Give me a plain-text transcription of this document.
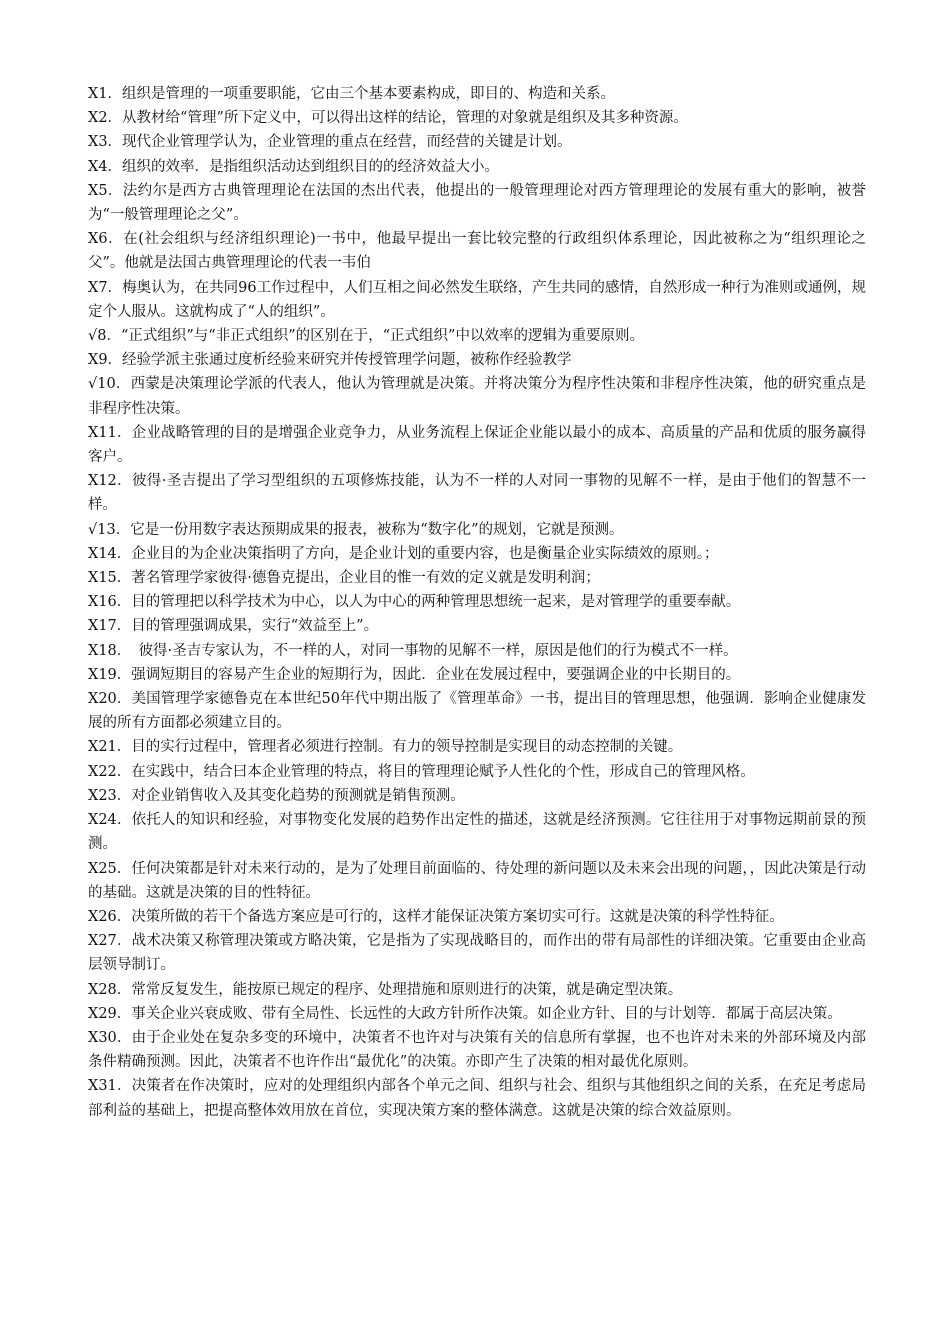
X1．组织是管理的一项重要职能，它由三个基本要素构成，即目的、构造和关系。

X2．从教材给“管理”所下定义中，可以得出这样的结论，管理的对象就是组织及其多种资源。

X3．现代企业管理学认为，企业管理的重点在经营，而经营的关键是计划。

X4．组织的效率．是指组织活动达到组织目的的经济效益大小。

X5．法约尔是西方古典管理理论在法国的杰出代表，他提出的一般管理理论对西方管理理论的发展有重大的影响，被誉为“一般管理理论之父”。

X6．在(社会组织与经济组织理论)一书中，他最早提出一套比较完整的行政组织体系理论，因此被称之为“组织理论之父”。他就是法国古典管理理论的代表一韦伯

X7．梅奥认为，在共同96工作过程中，人们互相之间必然发生联络，产生共同的感情，自然形成一种行为准则或通例，规定个人服从。这就构成了“人的组织”。

√8．“正式组织”与“非正式组织”的区别在于，“正式组织”中以效率的逻辑为重要原则。

X9．经验学派主张通过度析经验来研究并传授管理学问题，被称作经验教学

√10．西蒙是决策理论学派的代表人，他认为管理就是决策。并将决策分为程序性决策和非程序性决策，他的研究重点是非程序性决策。

X11．企业战略管理的目的是增强企业竞争力，从业务流程上保证企业能以最小的成本、高质量的产品和优质的服务赢得客户。

X12．彼得·圣吉提出了学习型组织的五项修炼技能，认为不一样的人对同一事物的见解不一样，是由于他们的智慧不一样。

√13．它是一份用数字表达预期成果的报表，被称为“数字化”的规划，它就是预测。

X14．企业目的为企业决策指明了方向，是企业计划的重要内容，也是衡量企业实际绩效的原则。；

X15．著名管理学家彼得·德鲁克提出，企业目的惟一有效的定义就是发明利润；

X16．目的管理把以科学技术为中心，以人为中心的两种管理思想统一起来，是对管理学的重要奉献。

X17．目的管理强调成果，实行“效益至上”。

X18．　彼得·圣吉专家认为，不一样的人，对同一事物的见解不一样，原因是他们的行为模式不一样。

X19．强调短期目的容易产生企业的短期行为，因此．企业在发展过程中，要强调企业的中长期目的。

X20．美国管理学家德鲁克在本世纪50年代中期出版了《管理革命》一书，提出目的管理思想，他强调．影响企业健康发展的所有方面都必须建立目的。

X21．目的实行过程中，管理者必须进行控制。有力的领导控制是实现目的动态控制的关键。

X22．在实践中，结合曰本企业管理的特点，将目的管理理论赋予人性化的个性，形成自己的管理风格。

X23．对企业销售收入及其变化趋势的预测就是销售预测。

X24．依托人的知识和经验，对事物变化发展的趋势作出定性的描述，这就是经济预测。它往往用于对事物远期前景的预测。

X25．任何决策都是针对未来行动的，是为了处理目前面临的、待处理的新问题以及未来会出现的问题，，因此决策是行动的基础。这就是决策的目的性特征。

X26．决策所做的若干个备选方案应是可行的，这样才能保证决策方案切实可行。这就是决策的科学性特征。

X27．战术决策又称管理决策或方略决策，它是指为了实现战略目的，而作出的带有局部性的详细决策。它重要由企业高层领导制订。

X28．常常反复发生，能按原已规定的程序、处理措施和原则进行的决策，就是确定型决策。

X29．事关企业兴衰成败、带有全局性、长远性的大政方针所作决策。如企业方针、目的与计划等．都属于高层决策。

X30．由于企业处在复杂多变的环境中，决策者不也许对与决策有关的信息所有掌握，也不也许对未来的外部环境及内部条件精确预测。因此，决策者不也许作出“最优化”的决策。亦即产生了决策的相对最优化原则。

X31．决策者在作决策时，应对的处理组织内部各个单元之间、组织与社会、组织与其他组织之间的关系，在充足考虑局部利益的基础上，把提高整体效用放在首位，实现决策方案的整体满意。这就是决策的综合效益原则。
